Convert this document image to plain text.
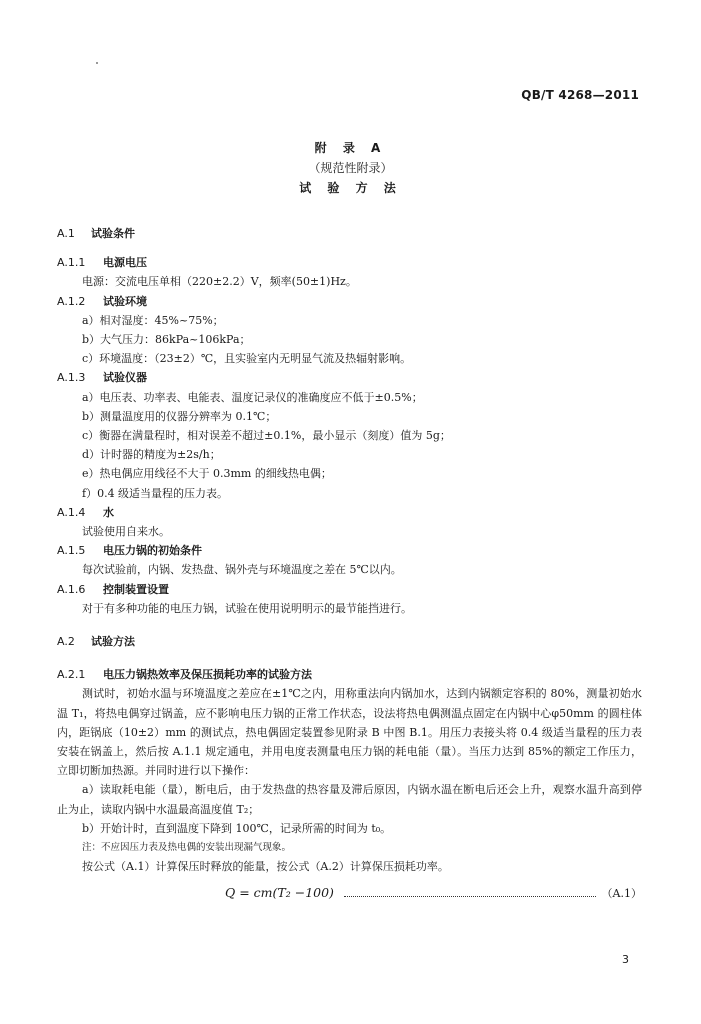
QB/T 4268—2011
附 录 A
（规范性附录）
试 验 方 法

A.1 试验条件

A.1.1 电源电压

电源：交流电压单相（220±2.2）V，频率(50±1)Hz。

A.1.2 试验环境

a）相对湿度：45%~75%；

b）大气压力：86kPa~106kPa；

c）环境温度：（23±2）℃，且实验室内无明显气流及热辐射影响。

A.1.3 试验仪器

a）电压表、功率表、电能表、温度记录仪的准确度应不低于±0.5%；

b）测量温度用的仪器分辨率为 0.1℃；

c）衡器在满量程时，相对误差不超过±0.1%，最小显示（刻度）值为 5g；

d）计时器的精度为±2s/h；

e）热电偶应用线径不大于 0.3mm 的细线热电偶；

f）0.4 级适当量程的压力表。

A.1.4 水

试验使用自来水。

A.1.5 电压力锅的初始条件

每次试验前，内锅、发热盘、锅外壳与环境温度之差在 5℃以内。

A.1.6 控制装置设置

对于有多种功能的电压力锅，试验在使用说明明示的最节能挡进行。

A.2 试验方法

A.2.1 电压力锅热效率及保压损耗功率的试验方法

测试时，初始水温与环境温度之差应在±1℃之内，用称重法向内锅加水，达到内锅额定容积的 80%，测量初始水温 T₁，将热电偶穿过锅盖，应不影响电压力锅的正常工作状态，设法将热电偶测温点固定在内锅中心φ50mm 的圆柱体内，距锅底（10±2）mm 的测试点，热电偶固定装置参见附录 B 中图 B.1。用压力表接头将 0.4 级适当量程的压力表安装在锅盖上，然后按 A.1.1 规定通电，并用电度表测量电压力锅的耗电能（量）。当压力达到 85%的额定工作压力，立即切断加热源。并同时进行以下操作：

a）读取耗电能（量），断电后，由于发热盘的热容量及滞后原因，内锅水温在断电后还会上升，观察水温升高到停止为止，读取内锅中水温最高温度值 T₂；

b）开始计时，直到温度下降到 100℃，记录所需的时间为 t₀。

注：不应因压力表及热电偶的安装出现漏气现象。

按公式（A.1）计算保压时释放的能量，按公式（A.2）计算保压损耗功率。

Q = cm(T₂ −100)	（A.1）
3
